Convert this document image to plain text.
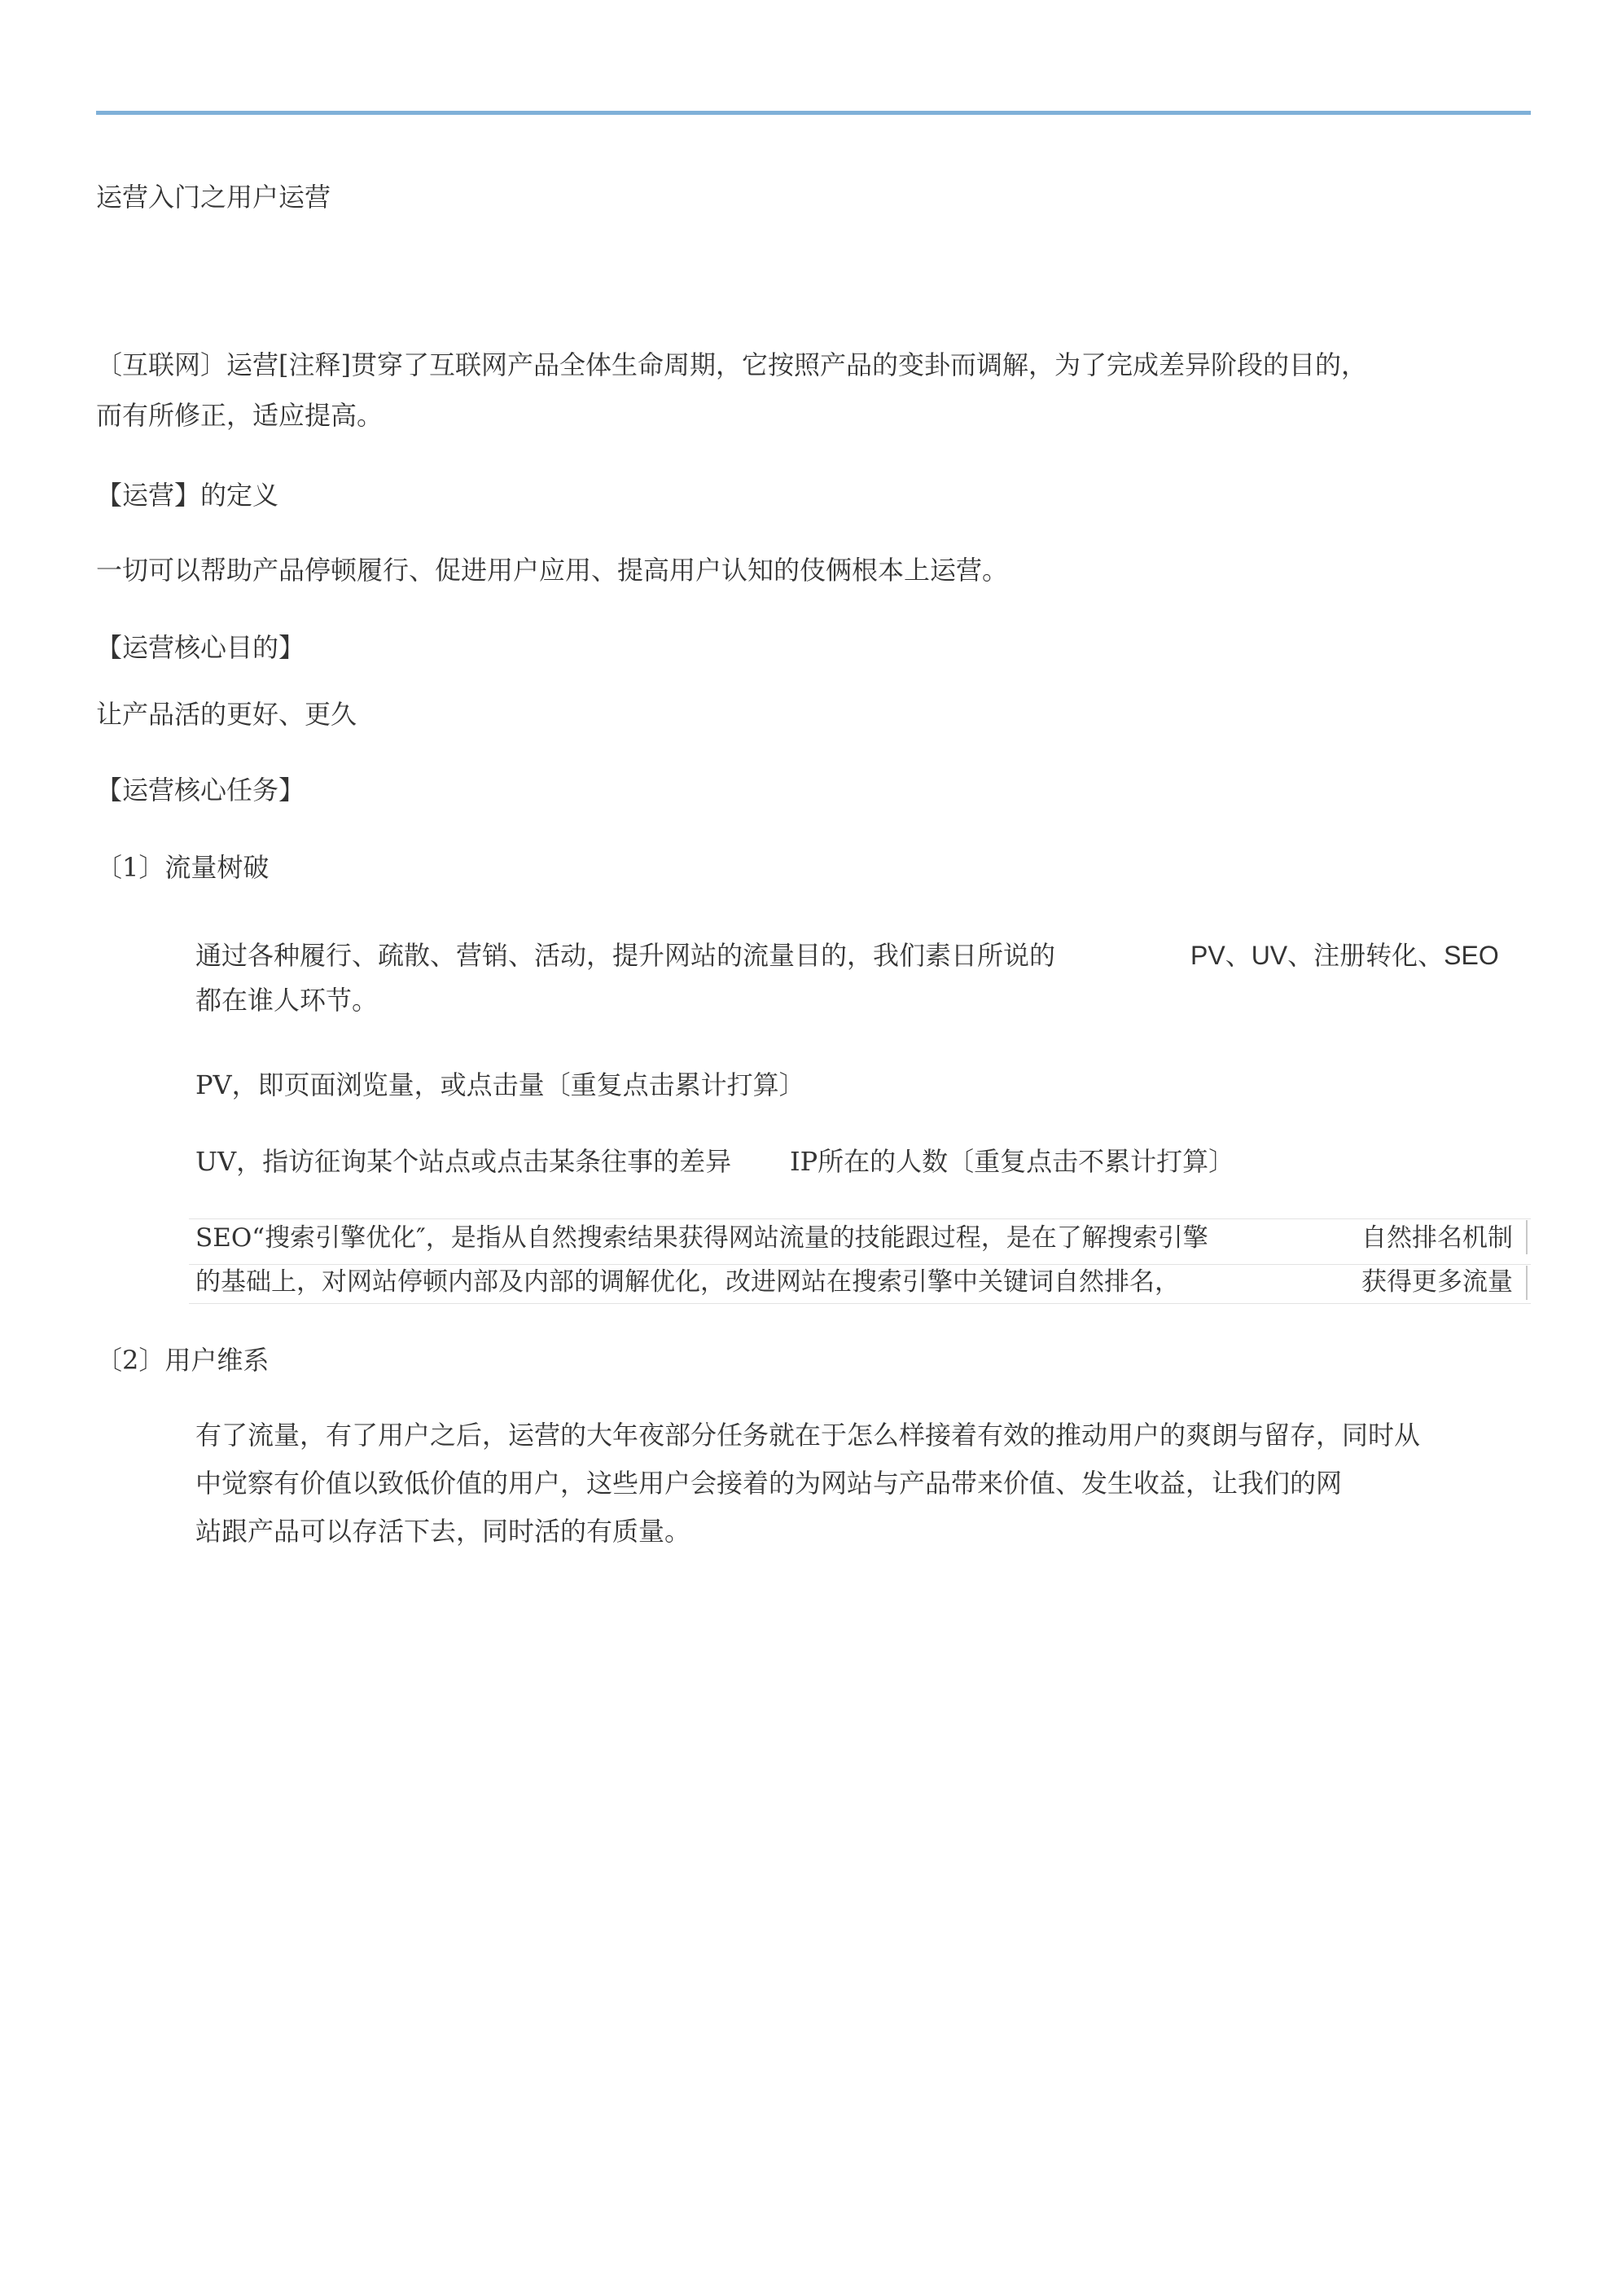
运营入门之用户运营
〔互联网〕运营[注释]贯穿了互联网产品全体生命周期，它按照产品的变卦而调解，为了完成差异阶段的目的，
而有所修正，适应提高。
【运营】的定义
一切可以帮助产品停顿履行、促进用户应用、提高用户认知的伎俩根本上运营。
【运营核心目的】
让产品活的更好、更久
【运营核心任务】
〔1〕流量树破
通过各种履行、疏散、营销、活动，提升网站的流量目的，我们素日所说的	PV、UV、注册转化、SEO
都在谁人环节。
PV，即页面浏览量，或点击量〔重复点击累计打算〕
UV，指访征询某个站点或点击某条往事的差异 IP所在的人数〔重复点击不累计打算〕
SEO“搜索引擎优化″，是指从自然搜索结果获得网站流量的技能跟过程，是在了解搜索引擎	自然排名机制
的基础上，对网站停顿内部及内部的调解优化，改进网站在搜索引擎中关键词自然排名，	获得更多流量
〔2〕用户维系
有了流量，有了用户之后，运营的大年夜部分任务就在于怎么样接着有效的推动用户的爽朗与留存，同时从
中觉察有价值以致低价值的用户，这些用户会接着的为网站与产品带来价值、发生收益，让我们的网
站跟产品可以存活下去，同时活的有质量。
